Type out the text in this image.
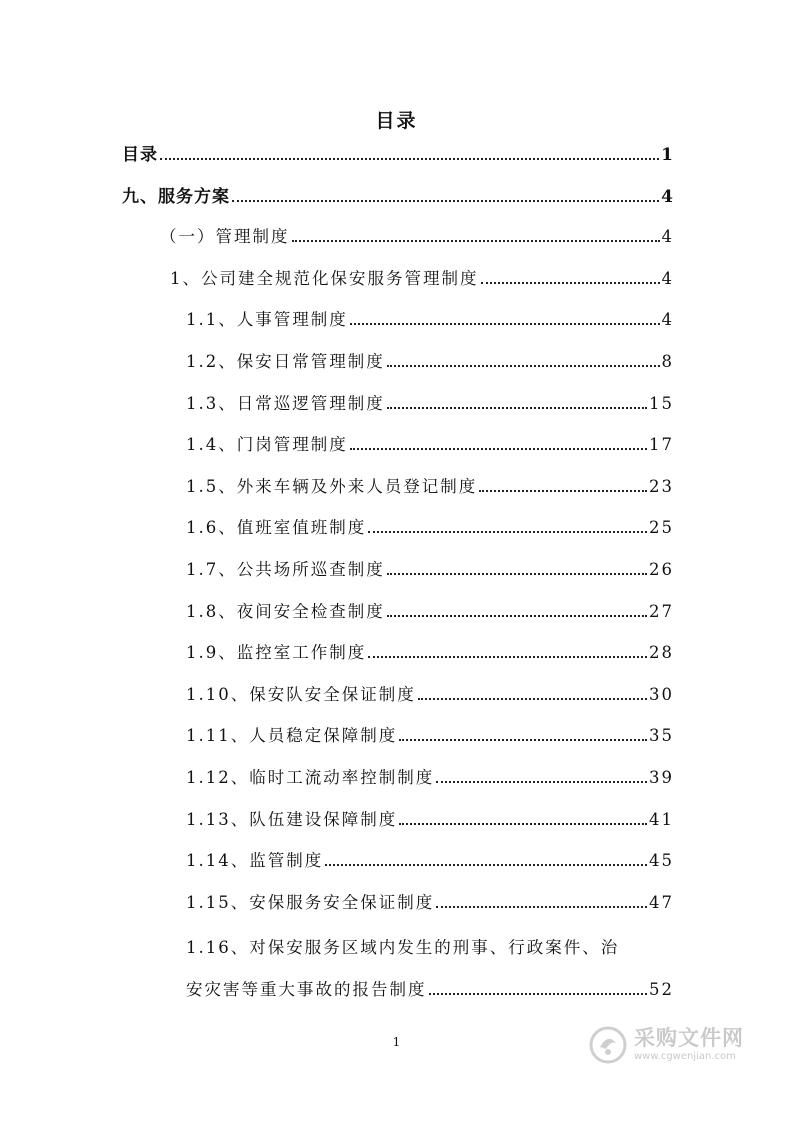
目录
目录	1
九、服务方案	4
（一）管理制度	4
1、公司建全规范化保安服务管理制度	4
1.1、人事管理制度	4
1.2、保安日常管理制度	8
1.3、日常巡逻管理制度	15
1.4、门岗管理制度	17
1.5、外来车辆及外来人员登记制度	23
1.6、值班室值班制度	25
1.7、公共场所巡查制度	26
1.8、夜间安全检查制度	27
1.9、监控室工作制度	28
1.10、保安队安全保证制度	30
1.11、人员稳定保障制度	35
1.12、临时工流动率控制制度	39
1.13、队伍建设保障制度	41
1.14、监管制度	45
1.15、安保服务安全保证制度	47
1.16、对保安服务区域内发生的刑事、行政案件、治
安灾害等重大事故的报告制度	52
1	采购文件网
www.cgwenjian.com
